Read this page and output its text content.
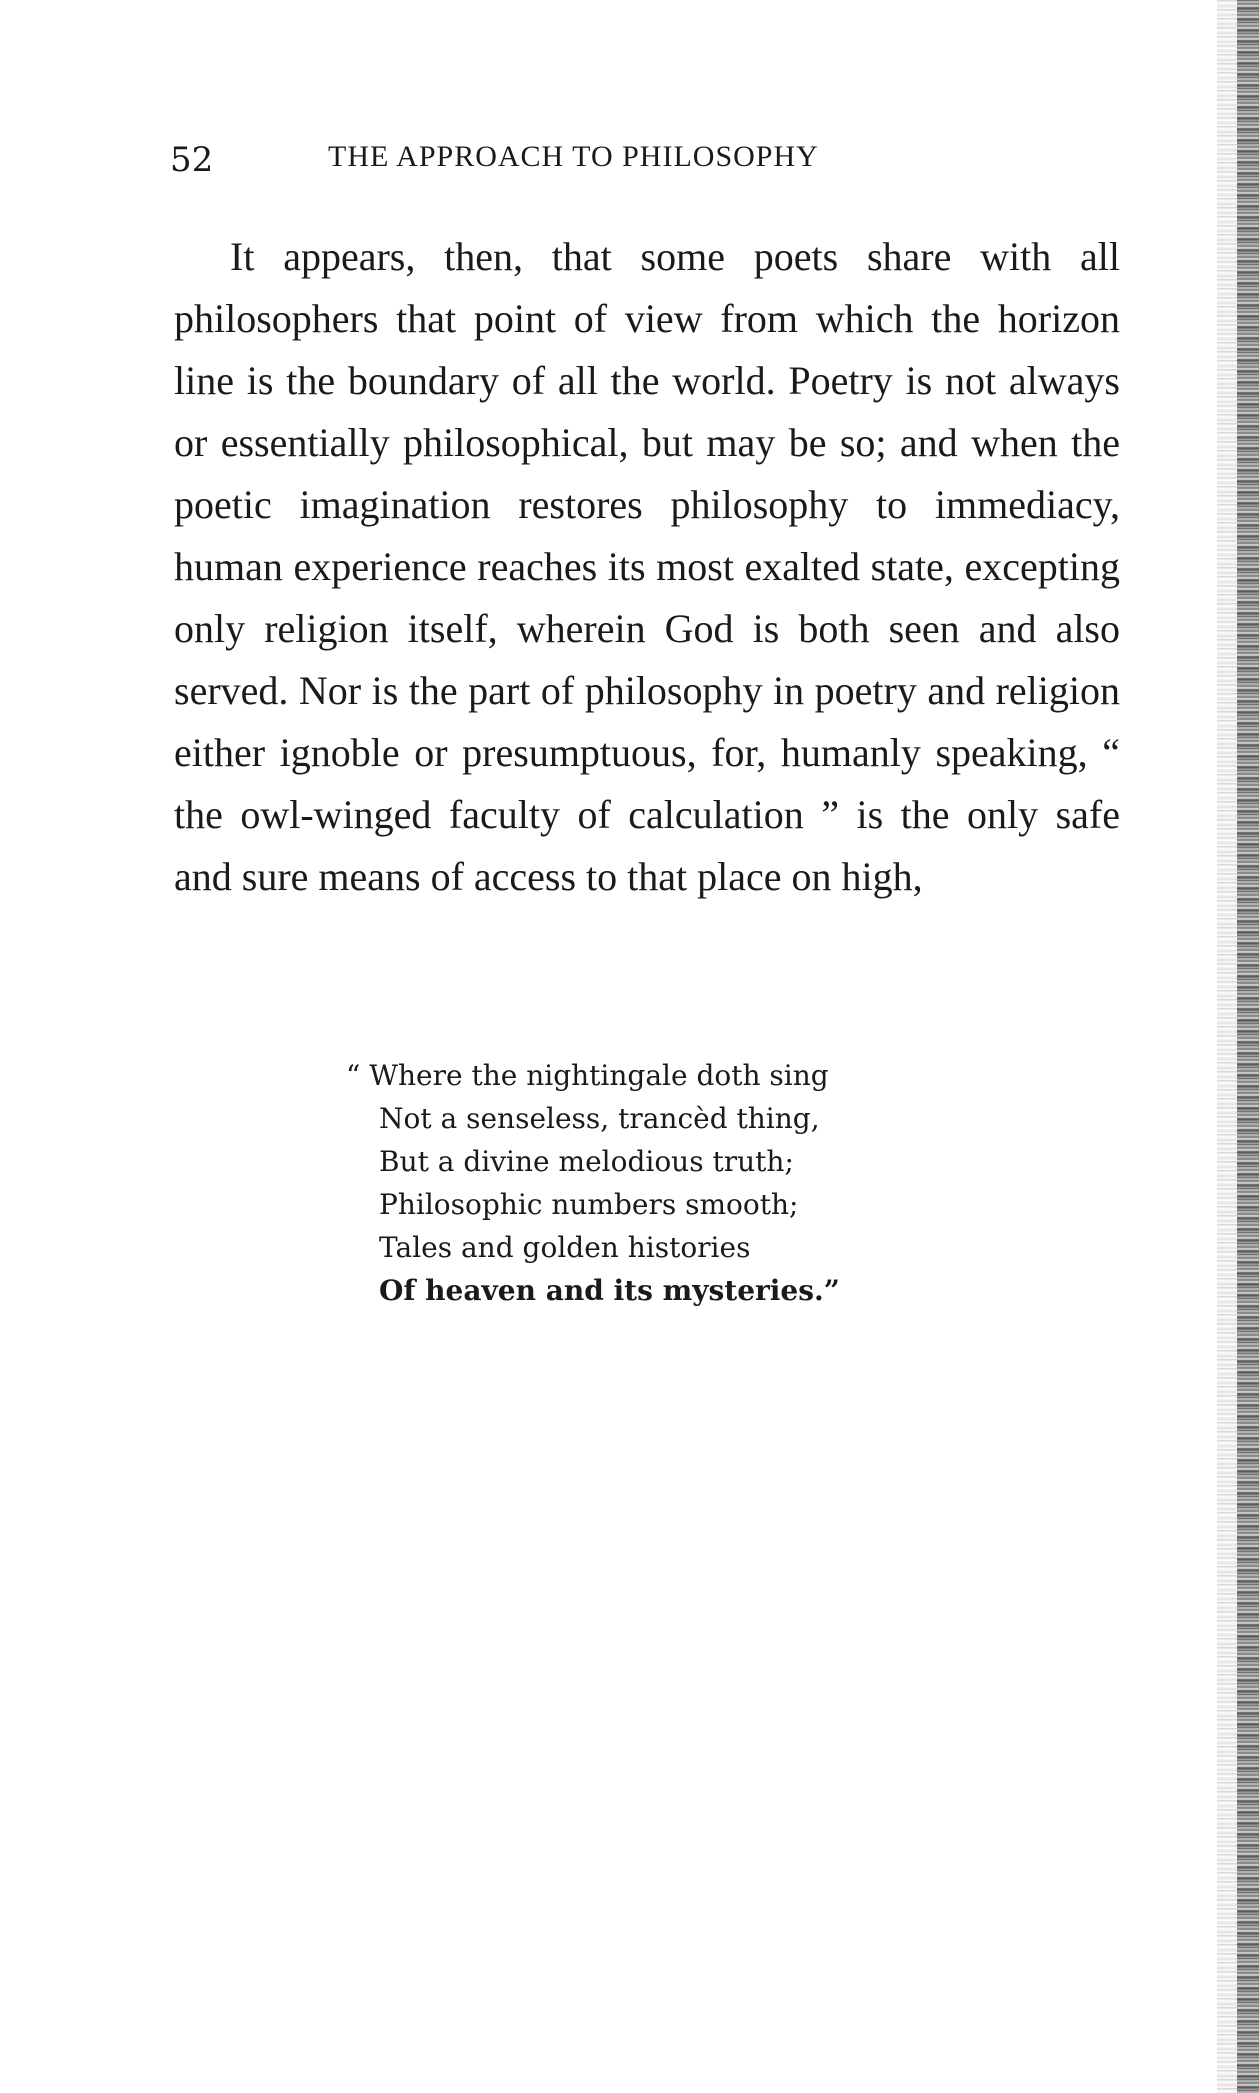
52	THE APPROACH TO PHILOSOPHY

It appears, then, that some poets share with all philosophers that point of view from which the horizon line is the boundary of all the world. Poetry is not always or essentially philosophical, but may be so; and when the poetic imagination restores philosophy to immediacy, human experience reaches its most exalted state, excepting only religion itself, wherein God is both seen and also served. Nor is the part of philosophy in poetry and religion either ignoble or presumptuous, for, humanly speaking, “ the owl-winged faculty of calculation ” is the only safe and sure means of access to that place on high,

“ Where the nightingale doth sing
Not a senseless, trancèd thing,
But a divine melodious truth;
Philosophic numbers smooth;
Tales and golden histories
Of heaven and its mysteries.”
